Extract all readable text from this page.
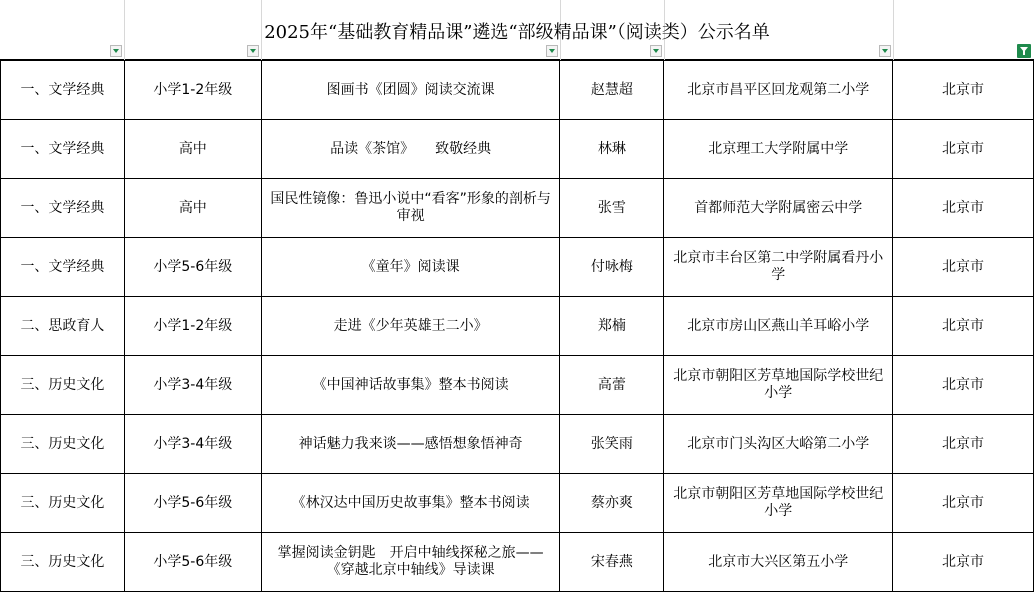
2025年“基础教育精品课”遴选“部级精品课”（阅读类）公示名单
一、文学经典	小学1-2年级	图画书《团圆》阅读交流课	赵慧超	北京市昌平区回龙观第二小学	北京市
一、文学经典	高中	品读《茶馆》　　致敬经典	林琳	北京理工大学附属中学	北京市
一、文学经典	高中	国民性镜像：鲁迅小说中“看客”形象的剖析与审视	张雪	首都师范大学附属密云中学	北京市
一、文学经典	小学5-6年级	《童年》阅读课	付咏梅	北京市丰台区第二中学附属看丹小学	北京市
二、思政育人	小学1-2年级	走进《少年英雄王二小》	郑楠	北京市房山区燕山羊耳峪小学	北京市
三、历史文化	小学3-4年级	《中国神话故事集》整本书阅读	高蕾	北京市朝阳区芳草地国际学校世纪小学	北京市
三、历史文化	小学3-4年级	神话魅力我来谈——感悟想象悟神奇	张笑雨	北京市门头沟区大峪第二小学	北京市
三、历史文化	小学5-6年级	《林汉达中国历史故事集》整本书阅读	蔡亦爽	北京市朝阳区芳草地国际学校世纪小学	北京市
三、历史文化	小学5-6年级	掌握阅读金钥匙　开启中轴线探秘之旅——《穿越北京中轴线》导读课	宋春燕	北京市大兴区第五小学	北京市
